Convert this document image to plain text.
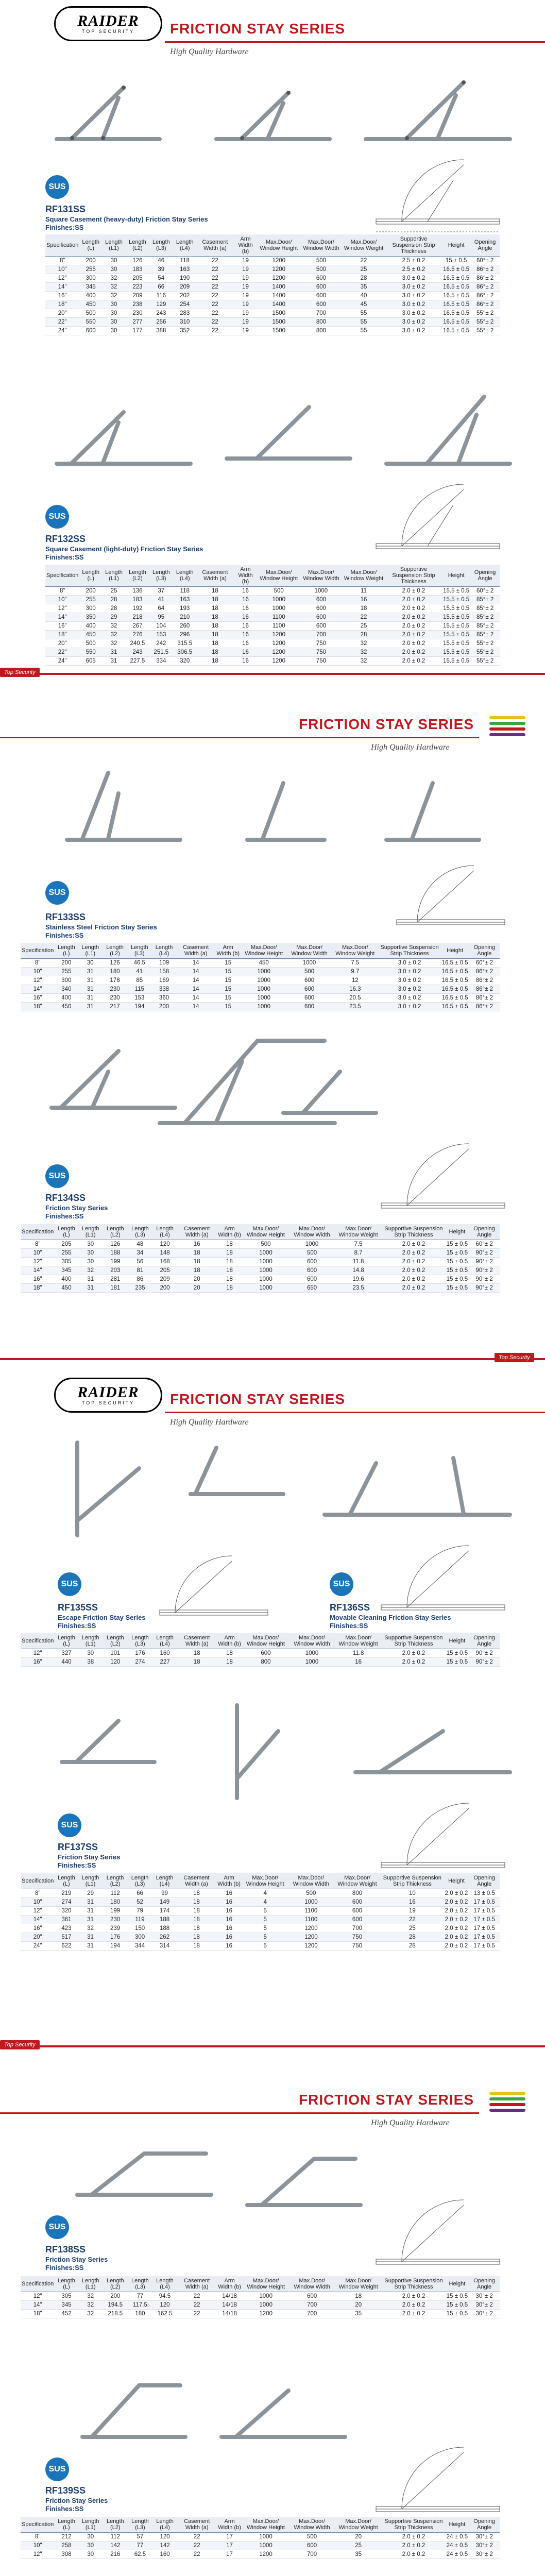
RAIDER
TOP SECURITY FRICTION STAY SERIES
High Quality Hardware
SUS
RF131SS
Square Casement (heavy-duty) Friction Stay Series
Finishes:SS
Specification	Length (L)	Length (L1)	Length (L2)	Length (L3)	Length (L4)	Casement Width (a)	Arm Width (b)	Max.Door/ Window Height	Max.Door/ Window Width	Max.Door/ Window Weight	Supportive Suspension Strip Thickness	Height	Opening Angle
8"	200	30	126	46	118	22	19	1200	500	22	2.5 ± 0.2	15 ± 0.5	60°± 2
10"	255	30	183	39	163	22	19	1200	500	25	2.5 ± 0.2	16.5 ± 0.5	86°± 2
12"	300	32	205	54	190	22	19	1200	600	28	3.0 ± 0.2	16.5 ± 0.5	86°± 2
14"	345	32	223	66	209	22	19	1400	600	35	3.0 ± 0.2	16.5 ± 0.5	86°± 2
16"	400	32	209	116	202	22	19	1400	600	40	3.0 ± 0.2	16.5 ± 0.5	86°± 2
18"	450	30	238	129	254	22	19	1400	600	45	3.0 ± 0.2	16.5 ± 0.5	86°± 2
20"	500	30	230	243	283	22	19	1500	700	55	3.0 ± 0.2	16.5 ± 0.5	55°± 2
22"	550	30	277	256	310	22	19	1500	800	55	3.0 ± 0.2	16.5 ± 0.5	55°± 2
24"	600	30	177	388	352	22	19	1500	800	55	3.0 ± 0.2	16.5 ± 0.5	55°± 2
SUS
RF132SS
Square Casement (light-duty) Friction Stay Series
Finishes:SS
Specification	Length (L)	Length (L1)	Length (L2)	Length (L3)	Length (L4)	Casement Width (a)	Arm Width (b)	Max.Door/ Window Height	Max.Door/ Window Width	Max.Door/ Window Weight	Supportive Suspension Strip Thickness	Height	Opening Angle
8"	200	25	136	37	118	18	16	500	1000	11	2.0 ± 0.2	15.5 ± 0.5	60°± 2
10"	255	28	183	41	163	18	16	1000	600	16	2.0 ± 0.2	15.5 ± 0.5	85°± 2
12"	300	28	192	64	193	18	16	1000	600	18	2.0 ± 0.2	15.5 ± 0.5	85°± 2
14"	350	29	218	95	210	18	16	1100	600	22	2.0 ± 0.2	15.5 ± 0.5	85°± 2
16"	400	32	267	104	260	18	16	1100	600	25	2.0 ± 0.2	15.5 ± 0.5	85°± 2
18"	450	32	276	153	296	18	16	1200	700	28	2.0 ± 0.2	15.5 ± 0.5	85°± 2
20"	500	32	240.5	242	315.5	18	16	1200	750	32	2.0 ± 0.2	15.5 ± 0.5	55°± 2
22"	550	31	243	251.5	306.5	18	16	1200	750	32	2.0 ± 0.2	15.5 ± 0.5	55°± 2
24"	605	31	227.5	334	320	18	16	1200	750	32	2.0 ± 0.2	15.5 ± 0.5	55°± 2
Top Security
FRICTION STAY SERIES
High Quality Hardware
SUS
RF133SS
Stainless Steel Friction Stay Series
Finishes:SS
Specification	Length (L)	Length (L1)	Length (L2)	Length (L3)	Length (L4)	Casement Width (a)	Arm Width (b)	Max.Door/ Window Height	Max.Door/ Window Width	Max.Door/ Window Weight	Supportive Suspension Strip Thickness	Height	Opening Angle
8"	200	30	126	46.5	109	14	15	450	1000	7.5	3.0 ± 0.2	16.5 ± 0.5	60°± 2
10"	255	31	180	41	158	14	15	1000	500	9.7	3.0 ± 0.2	16.5 ± 0.5	86°± 2
12"	300	31	178	85	169	14	15	1000	600	12	3.0 ± 0.2	16.5 ± 0.5	86°± 2
14"	340	31	230	115	338	14	15	1000	600	16.3	3.0 ± 0.2	16.5 ± 0.5	86°± 2
16"	400	31	230	153	360	14	15	1000	600	20.5	3.0 ± 0.2	16.5 ± 0.5	86°± 2
18"	450	31	217	194	200	14	15	1000	600	23.5	3.0 ± 0.2	16.5 ± 0.5	86°± 2
SUS
RF134SS
Friction Stay Series
Finishes:SS
Specification	Length (L)	Length (L1)	Length (L2)	Length (L3)	Length (L4)	Casement Width (a)	Arm Width (b)	Max.Door/ Window Height	Max.Door/ Window Width	Max.Door/ Window Weight	Supportive Suspension Strip Thickness	Height	Opening Angle
8"	205	30	126	48	120	16	18	500	1000	7.5	2.0 ± 0.2	15 ± 0.5	60°± 2
10"	255	30	188	34	148	18	18	1000	500	8.7	2.0 ± 0.2	15 ± 0.5	90°± 2
12"	305	30	199	56	168	18	18	1000	600	11.8	2.0 ± 0.2	15 ± 0.5	90°± 2
14"	345	32	203	81	205	18	18	1000	600	14.8	2.0 ± 0.2	15 ± 0.5	90°± 2
16"	400	31	281	86	209	20	18	1000	600	19.6	2.0 ± 0.2	15 ± 0.5	90°± 2
18"	450	31	181	235	200	20	18	1000	650	23.5	2.0 ± 0.2	15 ± 0.5	90°± 2
Top Security
RAIDER
TOP SECURITY FRICTION STAY SERIES
High Quality Hardware
SUS
RF135SS
Escape Friction Stay Series
Finishes:SS
SUS
RF136SS
Movable Cleaning Friction Stay Series
Finishes:SS
Specification	Length (L)	Length (L1)	Length (L2)	Length (L3)	Length (L4)	Casement Width (a)	Arm Width (b)	Max.Door/ Window Height	Max.Door/ Window Width	Max.Door/ Window Weight	Supportive Suspension Strip Thickness	Height	Opening Angle
12"	327	30	101	176	160	18	18	600	1000	11.8	2.0 ± 0.2	15 ± 0.5	90°± 2
16"	440	38	120	274	227	18	18	800	1000	16	2.0 ± 0.2	15 ± 0.5	90°± 2
SUS
RF137SS
Friction Stay Series
Finishes:SS
Specification	Length (L)	Length (L1)	Length (L2)	Length (L3)	Length (L4)	Casement Width (a)	Arm Width (b)	Max.Door/ Window Height	Max.Door/ Window Width	Max.Door/ Window Weight	Supportive Suspension Strip Thickness	Height	Opening Angle
8"	219	29	112	66	99	18	16	4	500	800	10	2.0 ± 0.2	13 ± 0.5
10"	274	31	180	52	149	18	16	4	1000	600	16	2.0 ± 0.2	17 ± 0.5
12"	320	31	199	79	174	18	16	5	1100	600	19	2.0 ± 0.2	17 ± 0.5
14"	361	31	230	119	188	18	16	5	1100	600	22	2.0 ± 0.2	17 ± 0.5
16"	423	32	239	150	188	18	16	5	1200	700	25	2.0 ± 0.2	17 ± 0.5
20"	517	31	176	300	262	18	16	5	1200	750	28	2.0 ± 0.2	17 ± 0.5
24"	622	31	194	344	314	18	16	5	1200	750	28	2.0 ± 0.2	17 ± 0.5
Top Security
FRICTION STAY SERIES
High Quality Hardware
SUS
RF138SS
Friction Stay Series
Finishes:SS
Specification	Length (L)	Length (L1)	Length (L2)	Length (L3)	Length (L4)	Casement Width (a)	Arm Width (b)	Max.Door/ Window Height	Max.Door/ Window Width	Max.Door/ Window Weight	Supportive Suspension Strip Thickness	Height	Opening Angle
12"	305	32	200	77	94.5	22	14/18	1000	600	18	2.0 ± 0.2	15 ± 0.5	30°± 2
14"	345	32	194.5	117.5	120	22	14/18	1000	700	20	2.0 ± 0.2	15 ± 0.5	30°± 2
18"	452	32	218.5	180	162.5	22	14/18	1200	700	35	2.0 ± 0.2	15 ± 0.5	30°± 2
SUS
RF139SS
Friction Stay Series
Finishes:SS
Specification	Length (L)	Length (L1)	Length (L2)	Length (L3)	Length (L4)	Casement Width (a)	Arm Width (b)	Max.Door/ Window Height	Max.Door/ Window Width	Max.Door/ Window Weight	Supportive Suspension Strip Thickness	Height	Opening Angle
8"	212	30	112	57	120	22	17	1000	500	20	2.0 ± 0.2	24 ± 0.5	30°± 2
10"	258	30	142	77	142	22	17	1000	600	25	2.0 ± 0.2	24 ± 0.5	30°± 2
12"	308	30	216	62.5	160	22	17	1200	700	35	2.0 ± 0.2	24 ± 0.5	30°± 2
